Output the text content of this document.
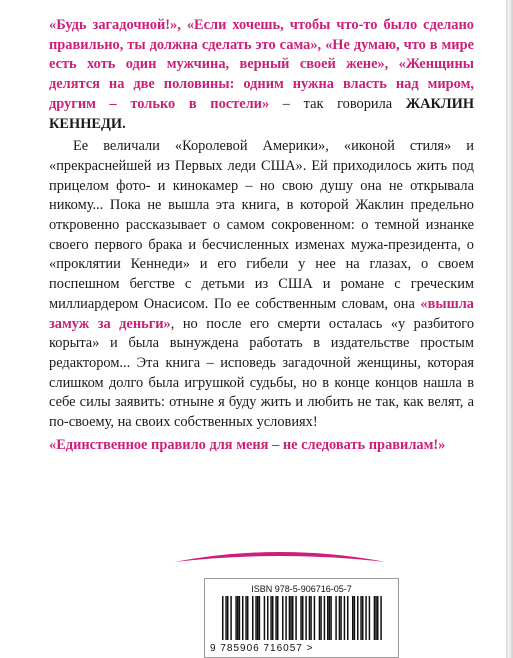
«Будь загадочной!», «Если хочешь, чтобы что-то было сделано правильно, ты должна сделать это сама», «Не думаю, что в мире есть хоть один мужчина, верный своей жене», «Женщины делятся на две половины: одним нужна власть над миром, другим – только в постели» – так говорила ЖАКЛИН КЕННЕДИ.

Ее величали «Королевой Америки», «иконой стиля» и «прекраснейшей из Первых леди США». Ей приходилось жить под прицелом фото- и кинокамер – но свою душу она не открывала никому... Пока не вышла эта книга, в которой Жаклин предельно откровенно рассказывает о самом сокровенном: о темной изнанке своего первого брака и бесчисленных изменах мужа-президента, о «проклятии Кеннеди» и его гибели у нее на глазах, о своем поспешном бегстве с детьми из США и романе с греческим миллиардером Онасисом. По ее собственным словам, она «вышла замуж за деньги», но после его смерти осталась «у разбитого корыта» и была вынуждена работать в издательстве простым редактором... Эта книга – исповедь загадочной женщины, которая слишком долго была игрушкой судьбы, но в конце концов нашла в себе силы заявить: отныне я буду жить и любить не так, как велят, а по-своему, на своих собственных условиях!

«Единственное правило для меня – не следовать правилам!»

ISBN 978-5-906716-05-7
9 785906 716057 >
